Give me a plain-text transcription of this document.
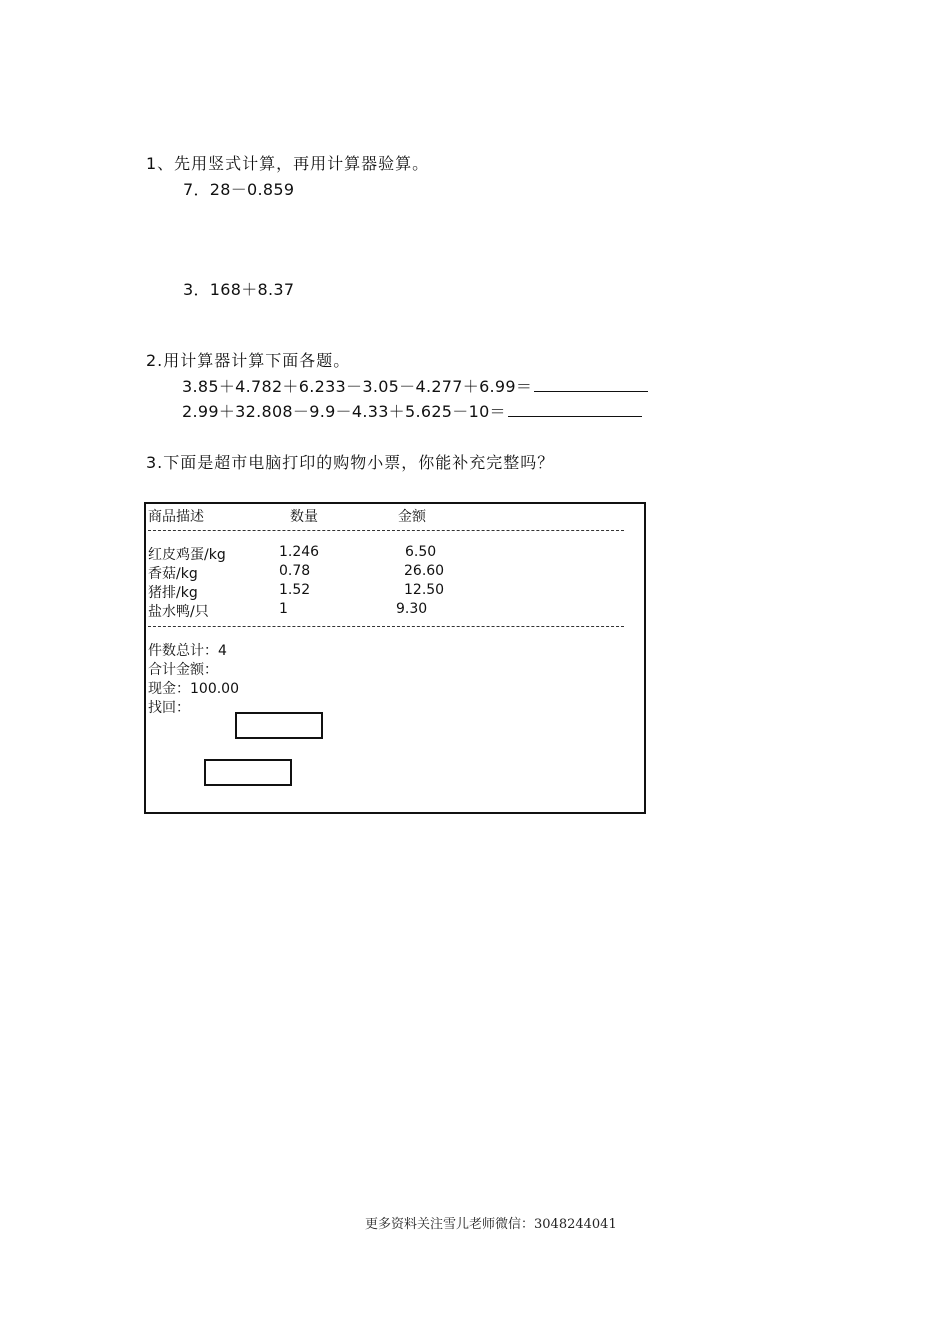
1、先用竖式计算，再用计算器验算。
7．28－0.859
3．168＋8.37
2.用计算器计算下面各题。
3.85＋4.782＋6.233－3.05－4.277＋6.99＝
2.99＋32.808－9.9－4.33＋5.625－10＝
3.下面是超市电脑打印的购物小票，你能补充完整吗？
商品描述	数量	金额
红皮鸡蛋/kg	1.246	6.50
香菇/kg	0.78	26.60
猪排/kg	1.52	12.50
盐水鸭/只	1	9.30
件数总计：4
合计金额：
现金：100.00
找回：
更多资料关注雪儿老师微信：3048244041
